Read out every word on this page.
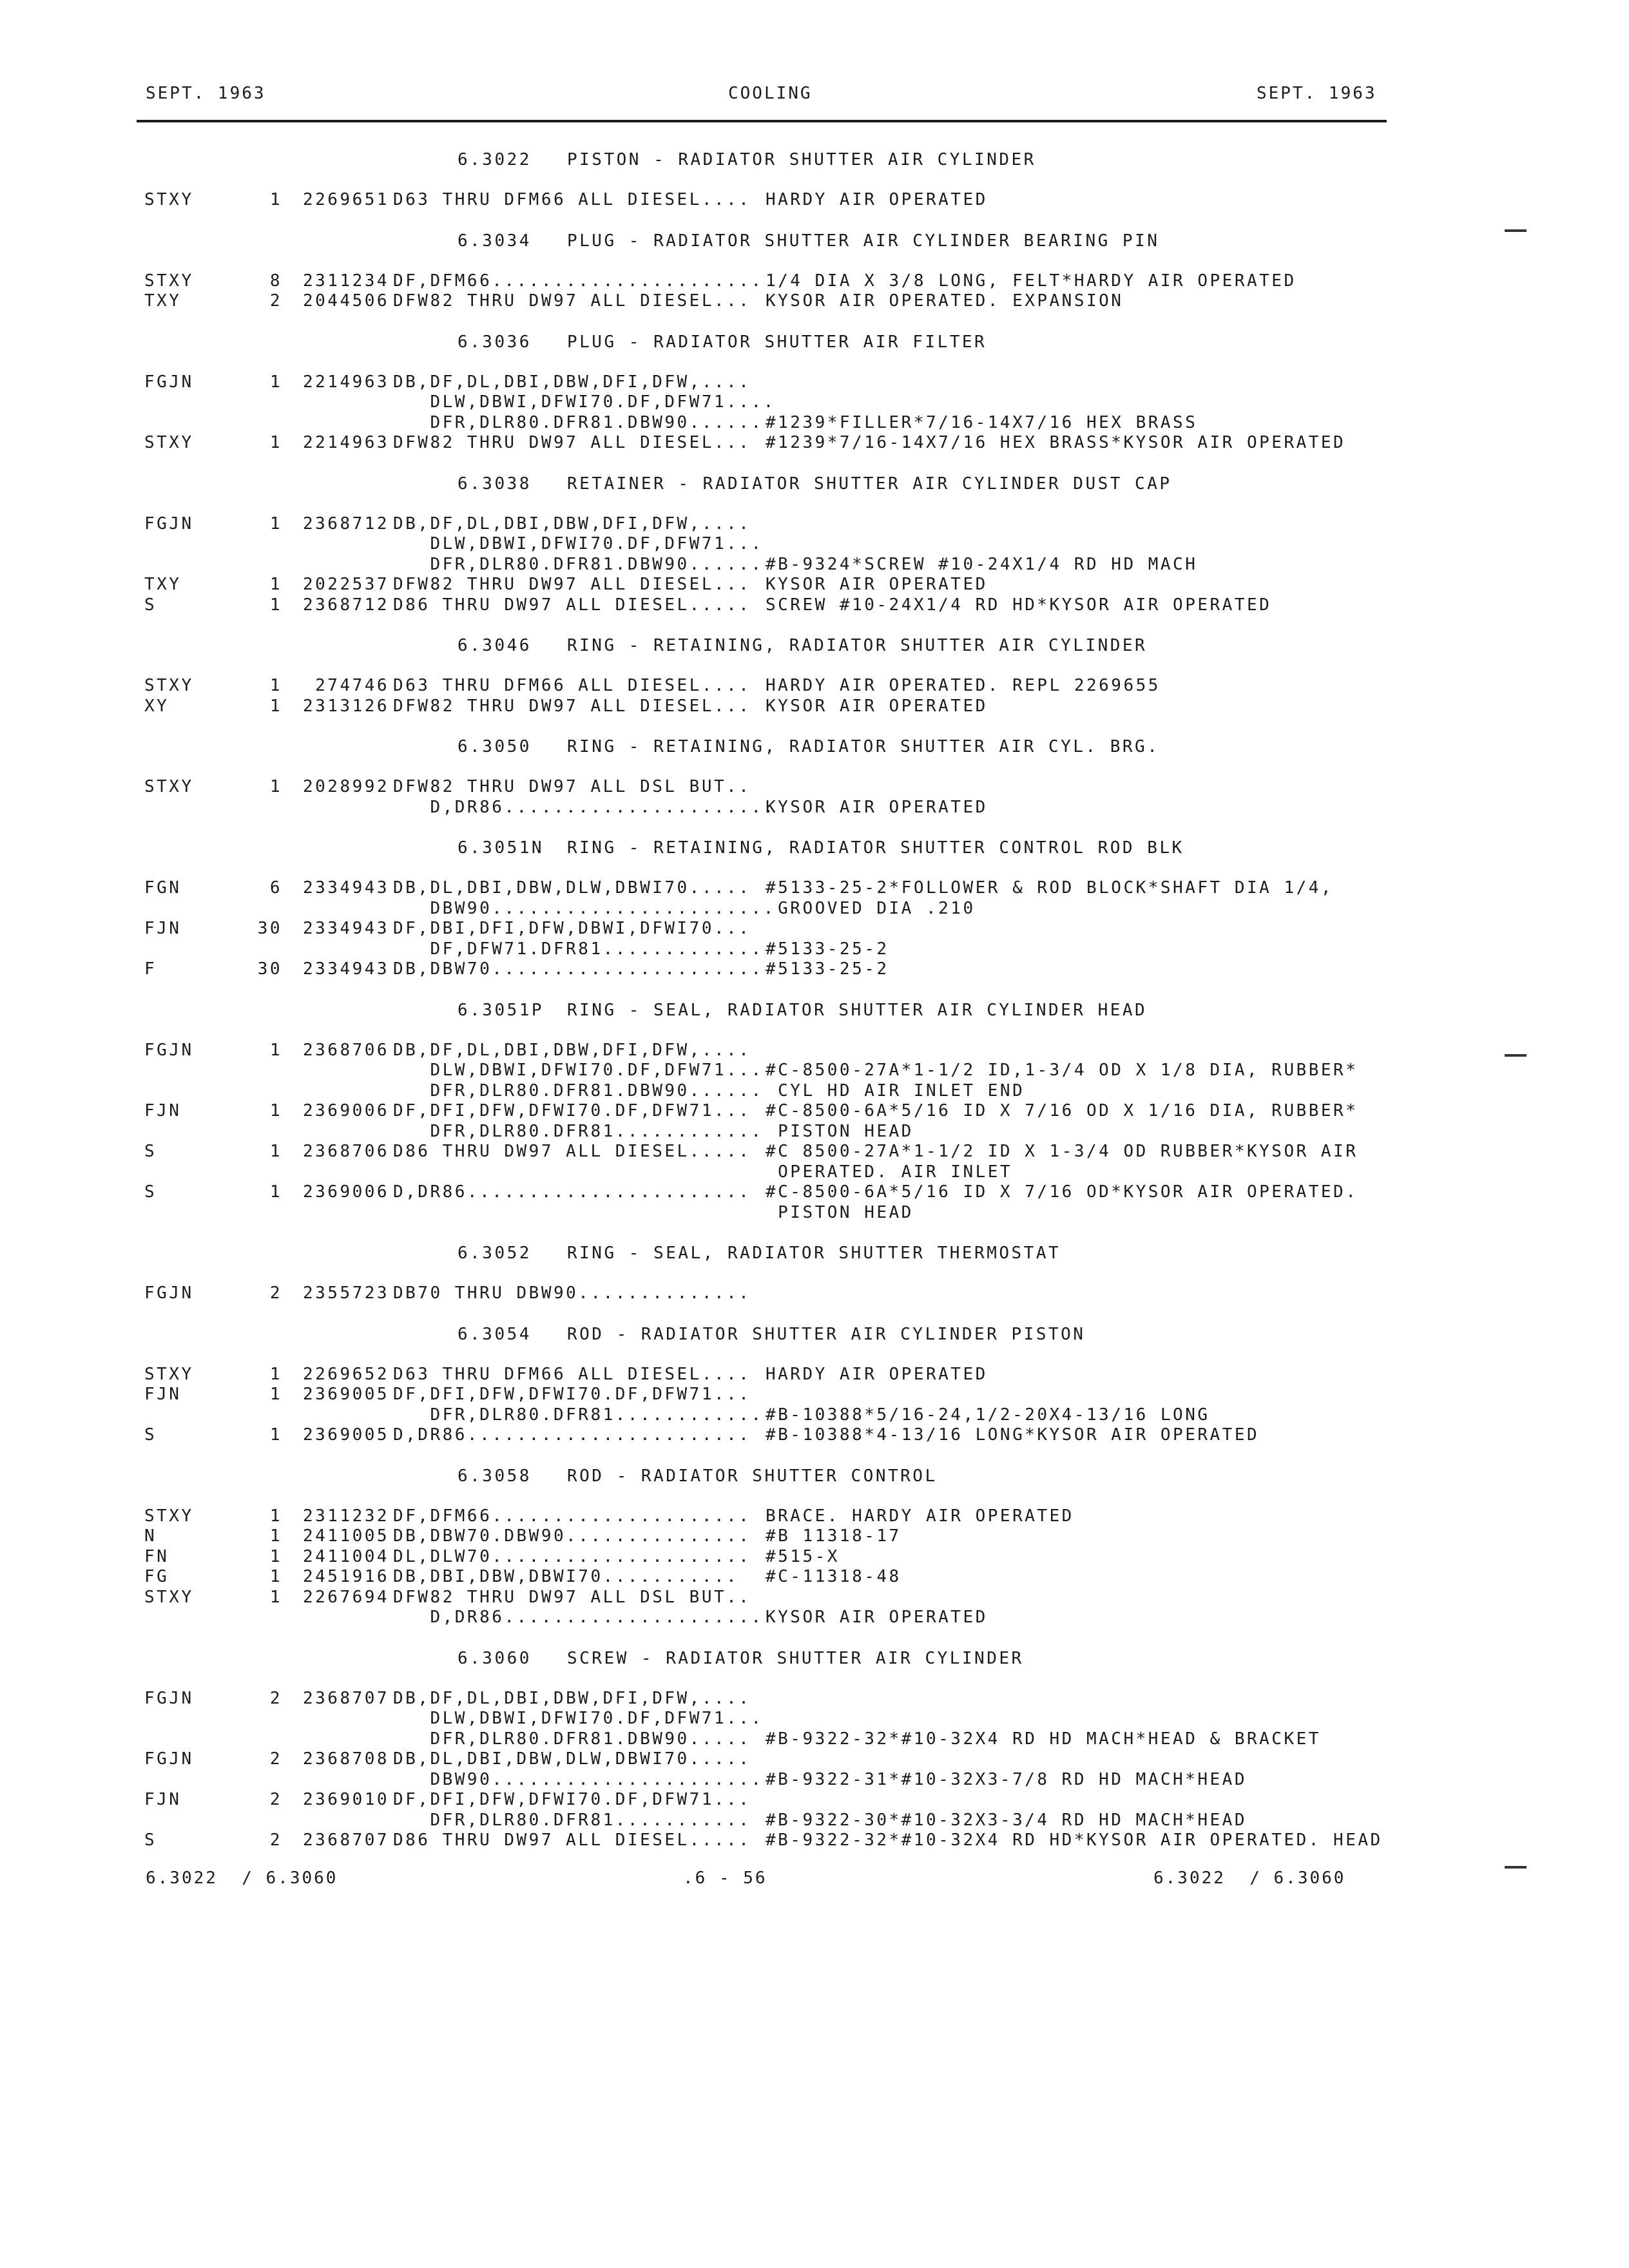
SEPT. 1963	COOLING	SEPT. 1963
6.3022 PISTON - RADIATOR SHUTTER AIR CYLINDER
STXY	1 2269651 D63 THRU DFM66 ALL DIESEL.... HARDY AIR OPERATED
6.3034 PLUG - RADIATOR SHUTTER AIR CYLINDER BEARING PIN
STXY	8 2311234 DF,DFM66...................... 1/4 DIA X 3/8 LONG, FELT*HARDY AIR OPERATED
TXY	2 2044506 DFW82 THRU DW97 ALL DIESEL... KYSOR AIR OPERATED. EXPANSION
6.3036 PLUG - RADIATOR SHUTTER AIR FILTER
FGJN	1 2214963 DB,DF,DL,DBI,DBW,DFI,DFW,....
DLW,DBWI,DFWI70.DF,DFW71....
DFR,DLR80.DFR81.DBW90...... #1239*FILLER*7/16-14X7/16 HEX BRASS
STXY	1 2214963 DFW82 THRU DW97 ALL DIESEL... #1239*7/16-14X7/16 HEX BRASS*KYSOR AIR OPERATED
6.3038 RETAINER - RADIATOR SHUTTER AIR CYLINDER DUST CAP
FGJN	1 2368712 DB,DF,DL,DBI,DBW,DFI,DFW,....
DLW,DBWI,DFWI70.DF,DFW71...
DFR,DLR80.DFR81.DBW90...... #B-9324*SCREW #10-24X1/4 RD HD MACH
TXY	1 2022537 DFW82 THRU DW97 ALL DIESEL... KYSOR AIR OPERATED
S	1 2368712 D86 THRU DW97 ALL DIESEL..... SCREW #10-24X1/4 RD HD*KYSOR AIR OPERATED
6.3046 RING - RETAINING, RADIATOR SHUTTER AIR CYLINDER
STXY	1 274746 D63 THRU DFM66 ALL DIESEL.... HARDY AIR OPERATED. REPL 2269655
XY	1 2313126 DFW82 THRU DW97 ALL DIESEL... KYSOR AIR OPERATED
6.3050 RING - RETAINING, RADIATOR SHUTTER AIR CYL. BRG.
STXY	1 2028992 DFW82 THRU DW97 ALL DSL BUT..
D,DR86......................
KYSOR AIR OPERATED
6.3051N RING - RETAINING, RADIATOR SHUTTER CONTROL ROD BLK
FGN	6 2334943 DB,DL,DBI,DBW,DLW,DBWI70..... #5133-25-2*FOLLOWER & ROD BLOCK*SHAFT DIA 1/4,
DBW90.......................
GROOVED DIA .210
FJN	30 2334943 DF,DBI,DFI,DFW,DBWI,DFWI70...
DF,DFW71.DFR81............. #5133-25-2
F	30 2334943 DB,DBW70...................... #5133-25-2
6.3051P RING - SEAL, RADIATOR SHUTTER AIR CYLINDER HEAD
FGJN	1 2368706 DB,DF,DL,DBI,DBW,DFI,DFW,....
DLW,DBWI,DFWI70.DF,DFW71... #C-8500-27A*1-1/2 ID,1-3/4 OD X 1/8 DIA, RUBBER*
DFR,DLR80.DFR81.DBW90...... CYL HD AIR INLET END
FJN	1 2369006 DF,DFI,DFW,DFWI70.DF,DFW71... #C-8500-6A*5/16 ID X 7/16 OD X 1/16 DIA, RUBBER*
DFR,DLR80.DFR81............ PISTON HEAD
S	1 2368706 D86 THRU DW97 ALL DIESEL..... #C 8500-27A*1-1/2 ID X 1-3/4 OD RUBBER*KYSOR AIR
OPERATED. AIR INLET
S	1 2369006 D,DR86....................... #C-8500-6A*5/16 ID X 7/16 OD*KYSOR AIR OPERATED.
PISTON HEAD
6.3052 RING - SEAL, RADIATOR SHUTTER THERMOSTAT
FGJN	2 2355723 DB70 THRU DBW90..............
6.3054 ROD - RADIATOR SHUTTER AIR CYLINDER PISTON
STXY	1 2269652 D63 THRU DFM66 ALL DIESEL.... HARDY AIR OPERATED
FJN	1 2369005 DF,DFI,DFW,DFWI70.DF,DFW71...
DFR,DLR80.DFR81............ #B-10388*5/16-24,1/2-20X4-13/16 LONG
S	1 2369005 D,DR86....................... #B-10388*4-13/16 LONG*KYSOR AIR OPERATED
6.3058 ROD - RADIATOR SHUTTER CONTROL
STXY	1 2311232 DF,DFM66..................... BRACE. HARDY AIR OPERATED
N	1 2411005 DB,DBW70.DBW90............... #B 11318-17
FN	1 2411004 DL,DLW70..................... #515-X
FG	1 2451916 DB,DBI,DBW,DBWI70........... #C-11318-48
STXY	1 2267694 DFW82 THRU DW97 ALL DSL BUT..
D,DR86..................... KYSOR AIR OPERATED
6.3060 SCREW - RADIATOR SHUTTER AIR CYLINDER
FGJN	2 2368707 DB,DF,DL,DBI,DBW,DFI,DFW,....
DLW,DBWI,DFWI70.DF,DFW71...
DFR,DLR80.DFR81.DBW90..... #B-9322-32*#10-32X4 RD HD MACH*HEAD & BRACKET
FGJN	2 2368708 DB,DL,DBI,DBW,DLW,DBWI70.....
DBW90...................... #B-9322-31*#10-32X3-7/8 RD HD MACH*HEAD
FJN	2 2369010 DF,DFI,DFW,DFWI70.DF,DFW71...
DFR,DLR80.DFR81........... #B-9322-30*#10-32X3-3/4 RD HD MACH*HEAD
S	2 2368707 D86 THRU DW97 ALL DIESEL..... #B-9322-32*#10-32X4 RD HD*KYSOR AIR OPERATED. HEAD
6.3022  / 6.3060	.6 - 56	6.3022  / 6.3060
